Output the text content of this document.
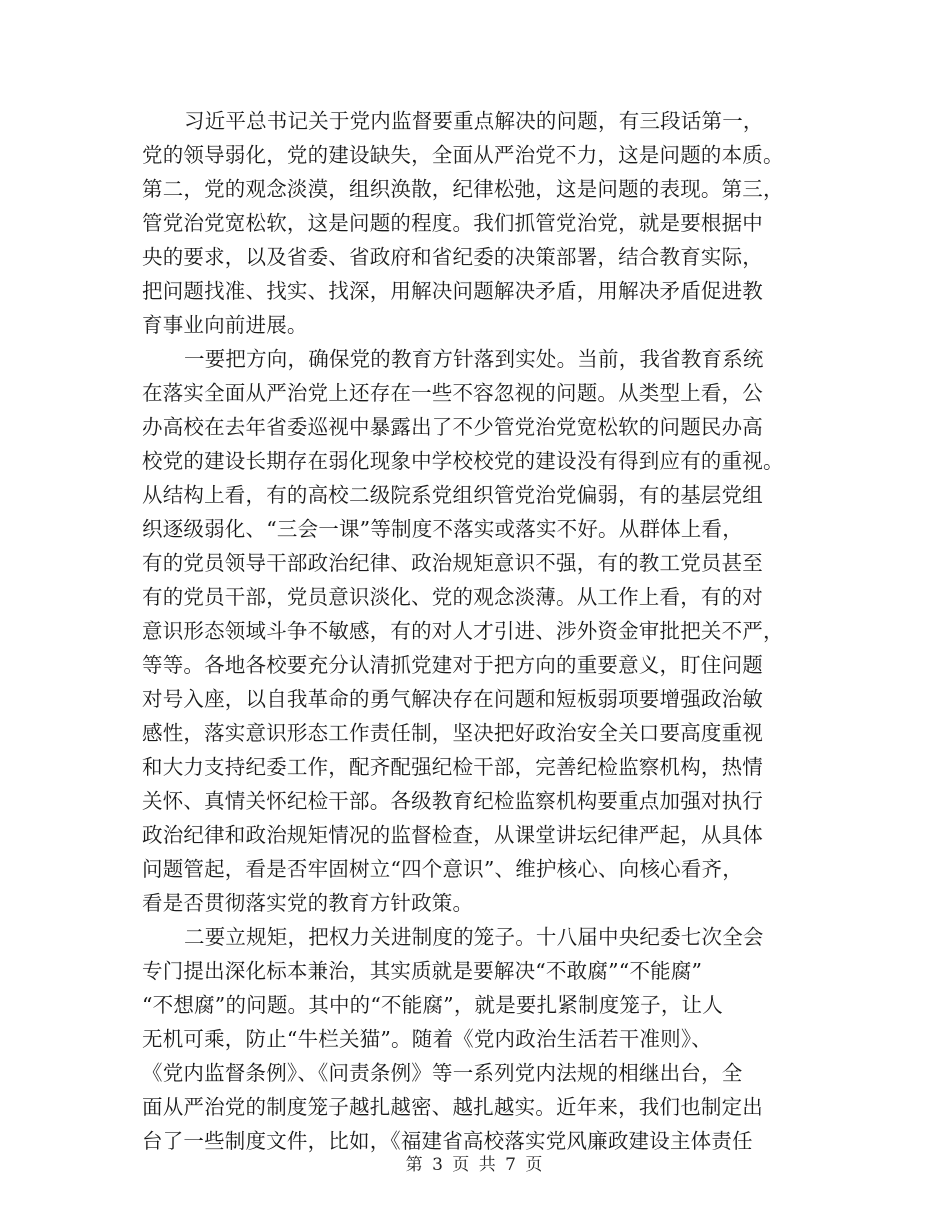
习近平总书记关于党内监督要重点解决的问题，有三段话第一，
党的领导弱化，党的建设缺失，全面从严治党不力，这是问题的本质。
第二，党的观念淡漠，组织涣散，纪律松弛，这是问题的表现。第三，
管党治党宽松软，这是问题的程度。我们抓管党治党，就是要根据中
央的要求，以及省委、省政府和省纪委的决策部署，结合教育实际，
把问题找准、找实、找深，用解决问题解决矛盾，用解决矛盾促进教
育事业向前进展。
一要把方向，确保党的教育方针落到实处。当前，我省教育系统
在落实全面从严治党上还存在一些不容忽视的问题。从类型上看，公
办高校在去年省委巡视中暴露出了不少管党治党宽松软的问题民办高
校党的建设长期存在弱化现象中学校校党的建设没有得到应有的重视。
从结构上看，有的高校二级院系党组织管党治党偏弱，有的基层党组
织逐级弱化、“三会一课”等制度不落实或落实不好。从群体上看，
有的党员领导干部政治纪律、政治规矩意识不强，有的教工党员甚至
有的党员干部，党员意识淡化、党的观念淡薄。从工作上看，有的对
意识形态领域斗争不敏感，有的对人才引进、涉外资金审批把关不严，
等等。各地各校要充分认清抓党建对于把方向的重要意义，盯住问题
对号入座，以自我革命的勇气解决存在问题和短板弱项要增强政治敏
感性，落实意识形态工作责任制，坚决把好政治安全关口要高度重视
和大力支持纪委工作，配齐配强纪检干部，完善纪检监察机构，热情
关怀、真情关怀纪检干部。各级教育纪检监察机构要重点加强对执行
政治纪律和政治规矩情况的监督检查，从课堂讲坛纪律严起，从具体
问题管起，看是否牢固树立“四个意识”、维护核心、向核心看齐，
看是否贯彻落实党的教育方针政策。
二要立规矩，把权力关进制度的笼子。十八届中央纪委七次全会
专门提出深化标本兼治，其实质就是要解决“不敢腐”“不能腐”
“不想腐”的问题。其中的“不能腐”，就是要扎紧制度笼子，让人
无机可乘，防止“牛栏关猫”。随着《党内政治生活若干准则》、
《党内监督条例》、《问责条例》等一系列党内法规的相继出台，全
面从严治党的制度笼子越扎越密、越扎越实。近年来，我们也制定出
台了一些制度文件，比如，《福建省高校落实党风廉政建设主体责任
第 3 页 共 7 页
